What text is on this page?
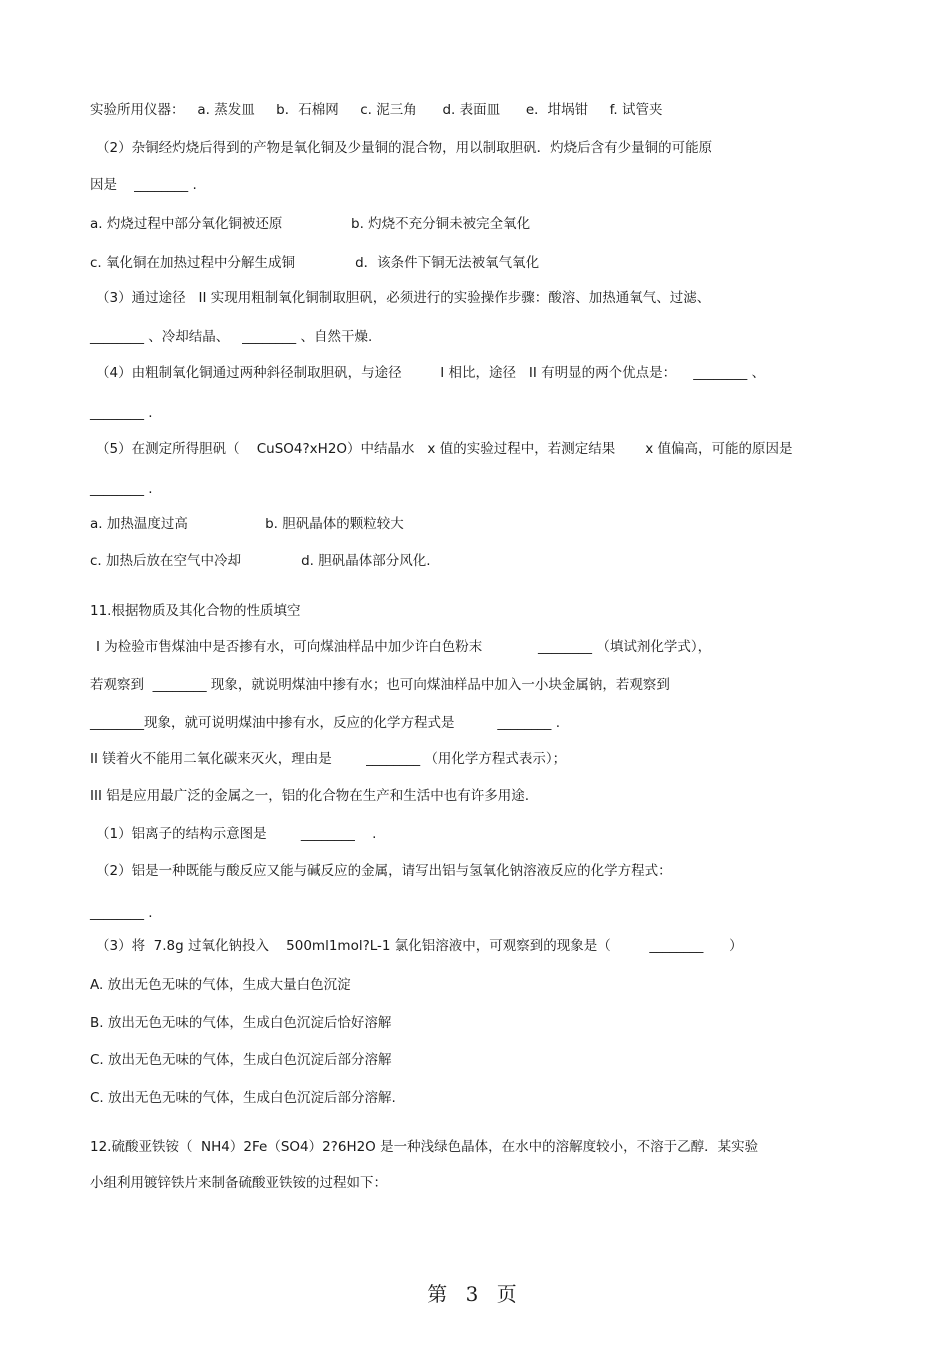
实验所用仪器：   a. 蒸发皿     b．石棉网     c. 泥三角      d. 表面皿      e．坩埚钳     f. 试管夹
（2）杂铜经灼烧后得到的产物是氧化铜及少量铜的混合物，用以制取胆矾．灼烧后含有少量铜的可能原
因是    ________ .
a. 灼烧过程中部分氧化铜被还原                b. 灼烧不充分铜未被完全氧化
c. 氧化铜在加热过程中分解生成铜              d．该条件下铜无法被氧气氧化
（3）通过途径   II 实现用粗制氧化铜制取胆矾，必须进行的实验操作步骤：酸溶、加热通氧气、过滤、
________ 、冷却结晶、   ________ 、自然干燥.
（4）由粗制氧化铜通过两种斜径制取胆矾，与途径         I 相比，途径   II 有明显的两个优点是：    ________ 、
________ .
（5）在测定所得胆矾（    CuSO4?xH2O）中结晶水   x 值的实验过程中，若测定结果       x 值偏高，可能的原因是
________ .
a. 加热温度过高                  b. 胆矾晶体的颗粒较大
c. 加热后放在空气中冷却              d. 胆矾晶体部分风化.
11.根据物质及其化合物的性质填空
I 为检验市售煤油中是否掺有水，可向煤油样品中加少许白色粉末             ________ （填试剂化学式），
若观察到  ________ 现象，就说明煤油中掺有水；也可向煤油样品中加入一小块金属钠，若观察到
________现象，就可说明煤油中掺有水，反应的化学方程式是          ________ .
II 镁着火不能用二氧化碳来灭火，理由是        ________ （用化学方程式表示）；
III 铝是应用最广泛的金属之一，铝的化合物在生产和生活中也有许多用途.
（1）铝离子的结构示意图是        ________    .
（2）铝是一种既能与酸反应又能与碱反应的金属，请写出铝与氢氧化钠溶液反应的化学方程式：
________ .
（3）将  7.8g 过氧化钠投入    500ml1mol?L-1 氯化铝溶液中，可观察到的现象是（         ________      ）
A. 放出无色无味的气体，生成大量白色沉淀
B. 放出无色无味的气体，生成白色沉淀后恰好溶解
C. 放出无色无味的气体，生成白色沉淀后部分溶解
C. 放出无色无味的气体，生成白色沉淀后部分溶解.
12.硫酸亚铁铵（  NH4）2Fe（SO4）2?6H2O 是一种浅绿色晶体，在水中的溶解度较小，不溶于乙醇．某实验
小组利用镀锌铁片来制备硫酸亚铁铵的过程如下：
第 3 页
